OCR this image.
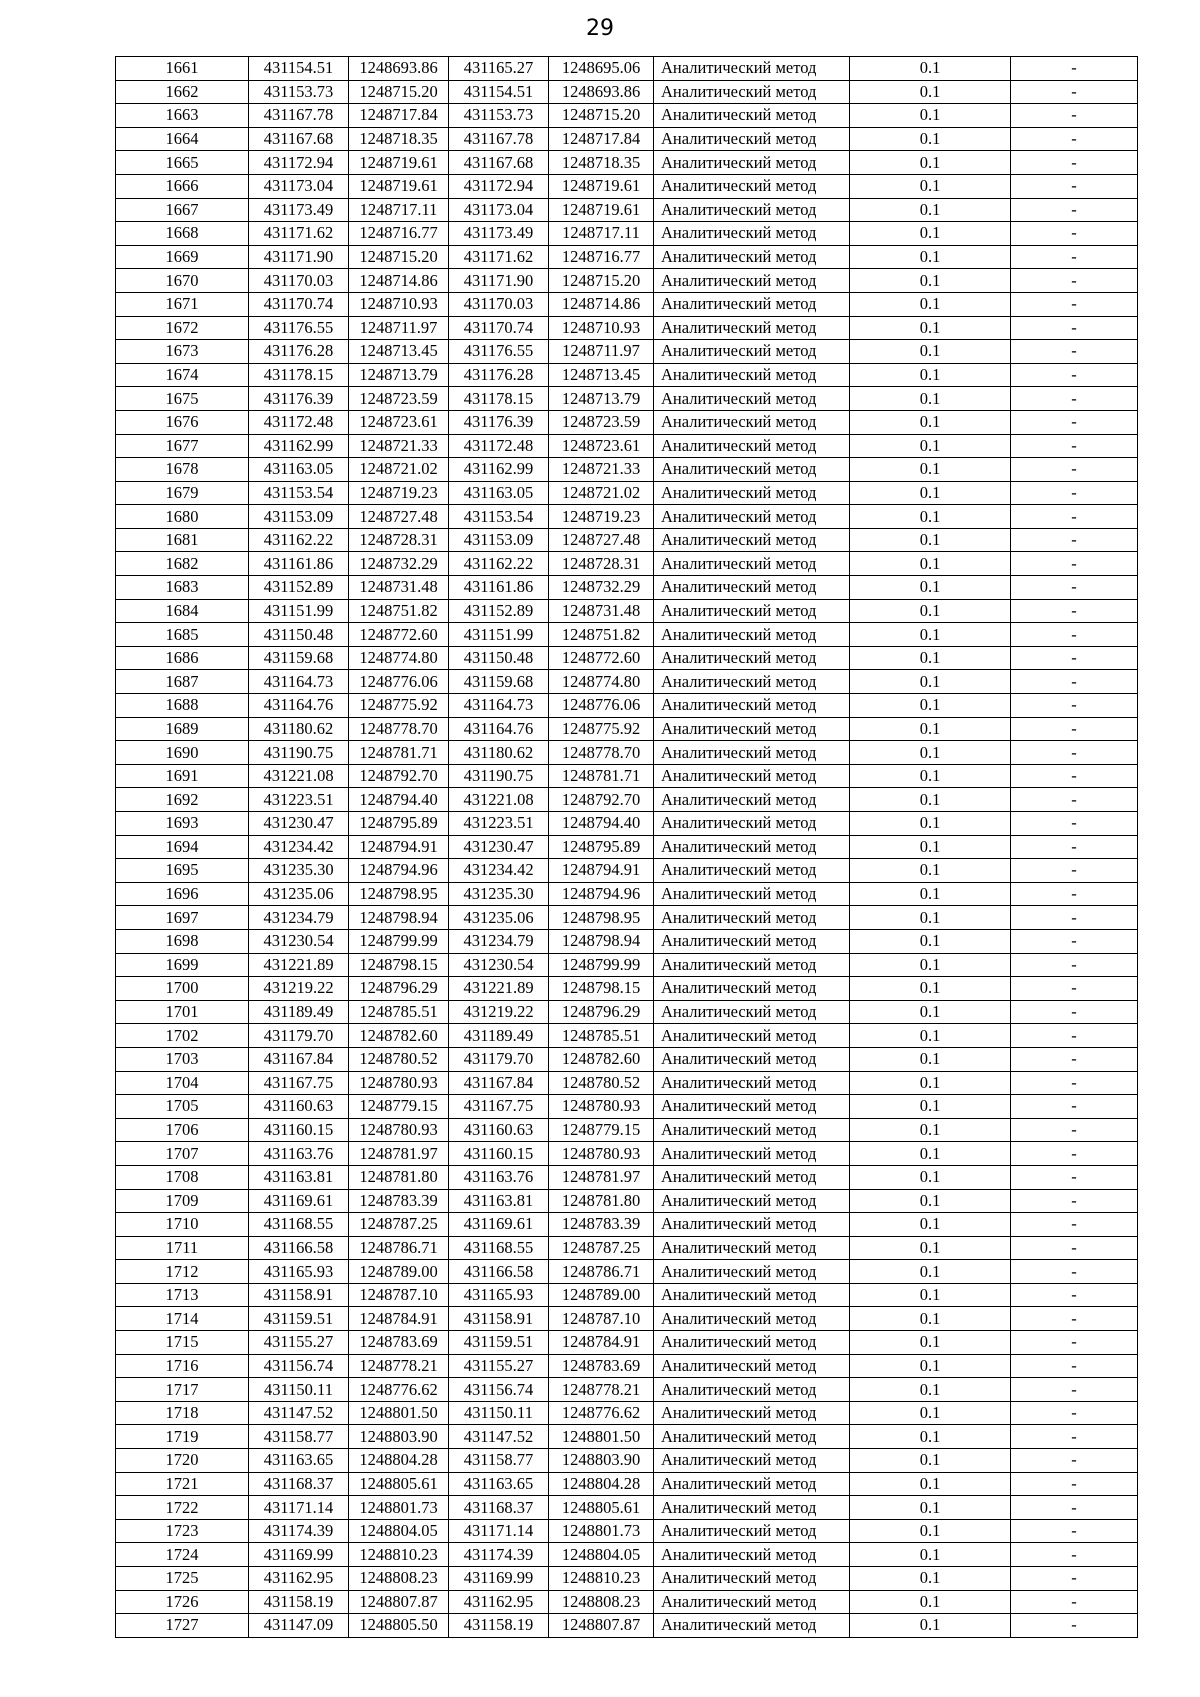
29
1661	431154.51	1248693.86	431165.27	1248695.06	Аналитический метод	0.1	-
1662	431153.73	1248715.20	431154.51	1248693.86	Аналитический метод	0.1	-
1663	431167.78	1248717.84	431153.73	1248715.20	Аналитический метод	0.1	-
1664	431167.68	1248718.35	431167.78	1248717.84	Аналитический метод	0.1	-
1665	431172.94	1248719.61	431167.68	1248718.35	Аналитический метод	0.1	-
1666	431173.04	1248719.61	431172.94	1248719.61	Аналитический метод	0.1	-
1667	431173.49	1248717.11	431173.04	1248719.61	Аналитический метод	0.1	-
1668	431171.62	1248716.77	431173.49	1248717.11	Аналитический метод	0.1	-
1669	431171.90	1248715.20	431171.62	1248716.77	Аналитический метод	0.1	-
1670	431170.03	1248714.86	431171.90	1248715.20	Аналитический метод	0.1	-
1671	431170.74	1248710.93	431170.03	1248714.86	Аналитический метод	0.1	-
1672	431176.55	1248711.97	431170.74	1248710.93	Аналитический метод	0.1	-
1673	431176.28	1248713.45	431176.55	1248711.97	Аналитический метод	0.1	-
1674	431178.15	1248713.79	431176.28	1248713.45	Аналитический метод	0.1	-
1675	431176.39	1248723.59	431178.15	1248713.79	Аналитический метод	0.1	-
1676	431172.48	1248723.61	431176.39	1248723.59	Аналитический метод	0.1	-
1677	431162.99	1248721.33	431172.48	1248723.61	Аналитический метод	0.1	-
1678	431163.05	1248721.02	431162.99	1248721.33	Аналитический метод	0.1	-
1679	431153.54	1248719.23	431163.05	1248721.02	Аналитический метод	0.1	-
1680	431153.09	1248727.48	431153.54	1248719.23	Аналитический метод	0.1	-
1681	431162.22	1248728.31	431153.09	1248727.48	Аналитический метод	0.1	-
1682	431161.86	1248732.29	431162.22	1248728.31	Аналитический метод	0.1	-
1683	431152.89	1248731.48	431161.86	1248732.29	Аналитический метод	0.1	-
1684	431151.99	1248751.82	431152.89	1248731.48	Аналитический метод	0.1	-
1685	431150.48	1248772.60	431151.99	1248751.82	Аналитический метод	0.1	-
1686	431159.68	1248774.80	431150.48	1248772.60	Аналитический метод	0.1	-
1687	431164.73	1248776.06	431159.68	1248774.80	Аналитический метод	0.1	-
1688	431164.76	1248775.92	431164.73	1248776.06	Аналитический метод	0.1	-
1689	431180.62	1248778.70	431164.76	1248775.92	Аналитический метод	0.1	-
1690	431190.75	1248781.71	431180.62	1248778.70	Аналитический метод	0.1	-
1691	431221.08	1248792.70	431190.75	1248781.71	Аналитический метод	0.1	-
1692	431223.51	1248794.40	431221.08	1248792.70	Аналитический метод	0.1	-
1693	431230.47	1248795.89	431223.51	1248794.40	Аналитический метод	0.1	-
1694	431234.42	1248794.91	431230.47	1248795.89	Аналитический метод	0.1	-
1695	431235.30	1248794.96	431234.42	1248794.91	Аналитический метод	0.1	-
1696	431235.06	1248798.95	431235.30	1248794.96	Аналитический метод	0.1	-
1697	431234.79	1248798.94	431235.06	1248798.95	Аналитический метод	0.1	-
1698	431230.54	1248799.99	431234.79	1248798.94	Аналитический метод	0.1	-
1699	431221.89	1248798.15	431230.54	1248799.99	Аналитический метод	0.1	-
1700	431219.22	1248796.29	431221.89	1248798.15	Аналитический метод	0.1	-
1701	431189.49	1248785.51	431219.22	1248796.29	Аналитический метод	0.1	-
1702	431179.70	1248782.60	431189.49	1248785.51	Аналитический метод	0.1	-
1703	431167.84	1248780.52	431179.70	1248782.60	Аналитический метод	0.1	-
1704	431167.75	1248780.93	431167.84	1248780.52	Аналитический метод	0.1	-
1705	431160.63	1248779.15	431167.75	1248780.93	Аналитический метод	0.1	-
1706	431160.15	1248780.93	431160.63	1248779.15	Аналитический метод	0.1	-
1707	431163.76	1248781.97	431160.15	1248780.93	Аналитический метод	0.1	-
1708	431163.81	1248781.80	431163.76	1248781.97	Аналитический метод	0.1	-
1709	431169.61	1248783.39	431163.81	1248781.80	Аналитический метод	0.1	-
1710	431168.55	1248787.25	431169.61	1248783.39	Аналитический метод	0.1	-
1711	431166.58	1248786.71	431168.55	1248787.25	Аналитический метод	0.1	-
1712	431165.93	1248789.00	431166.58	1248786.71	Аналитический метод	0.1	-
1713	431158.91	1248787.10	431165.93	1248789.00	Аналитический метод	0.1	-
1714	431159.51	1248784.91	431158.91	1248787.10	Аналитический метод	0.1	-
1715	431155.27	1248783.69	431159.51	1248784.91	Аналитический метод	0.1	-
1716	431156.74	1248778.21	431155.27	1248783.69	Аналитический метод	0.1	-
1717	431150.11	1248776.62	431156.74	1248778.21	Аналитический метод	0.1	-
1718	431147.52	1248801.50	431150.11	1248776.62	Аналитический метод	0.1	-
1719	431158.77	1248803.90	431147.52	1248801.50	Аналитический метод	0.1	-
1720	431163.65	1248804.28	431158.77	1248803.90	Аналитический метод	0.1	-
1721	431168.37	1248805.61	431163.65	1248804.28	Аналитический метод	0.1	-
1722	431171.14	1248801.73	431168.37	1248805.61	Аналитический метод	0.1	-
1723	431174.39	1248804.05	431171.14	1248801.73	Аналитический метод	0.1	-
1724	431169.99	1248810.23	431174.39	1248804.05	Аналитический метод	0.1	-
1725	431162.95	1248808.23	431169.99	1248810.23	Аналитический метод	0.1	-
1726	431158.19	1248807.87	431162.95	1248808.23	Аналитический метод	0.1	-
1727	431147.09	1248805.50	431158.19	1248807.87	Аналитический метод	0.1	-
